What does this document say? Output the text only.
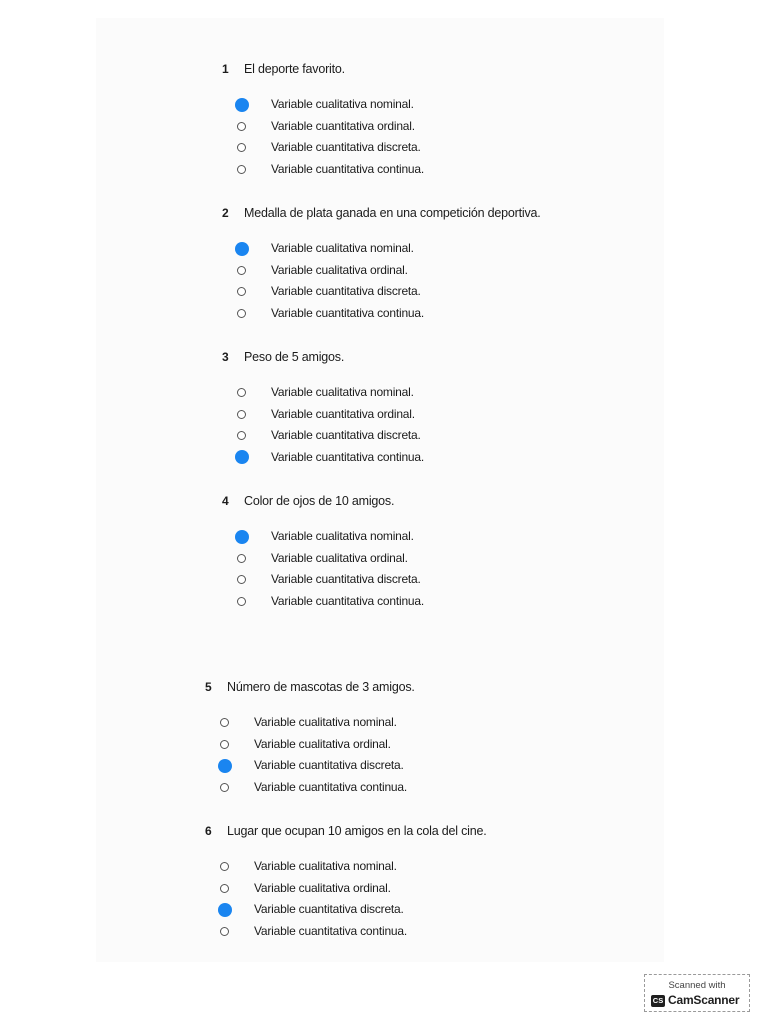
1 El deporte favorito.
Variable cualitativa nominal.
Variable cuantitativa ordinal.
Variable cuantitativa discreta.
Variable cuantitativa continua.
2 Medalla de plata ganada en una competición deportiva.
Variable cualitativa nominal.
Variable cualitativa ordinal.
Variable cuantitativa discreta.
Variable cuantitativa continua.
3 Peso de 5 amigos.
Variable cualitativa nominal.
Variable cuantitativa ordinal.
Variable cuantitativa discreta.
Variable cuantitativa continua.
4 Color de ojos de 10 amigos.
Variable cualitativa nominal.
Variable cualitativa ordinal.
Variable cuantitativa discreta.
Variable cuantitativa continua.
5 Número de mascotas de 3 amigos.
Variable cualitativa nominal.
Variable cualitativa ordinal.
Variable cuantitativa discreta.
Variable cuantitativa continua.
6 Lugar que ocupan 10 amigos en la cola del cine.
Variable cualitativa nominal.
Variable cualitativa ordinal.
Variable cuantitativa discreta.
Variable cuantitativa continua.
Scanned with
CS CamScanner
